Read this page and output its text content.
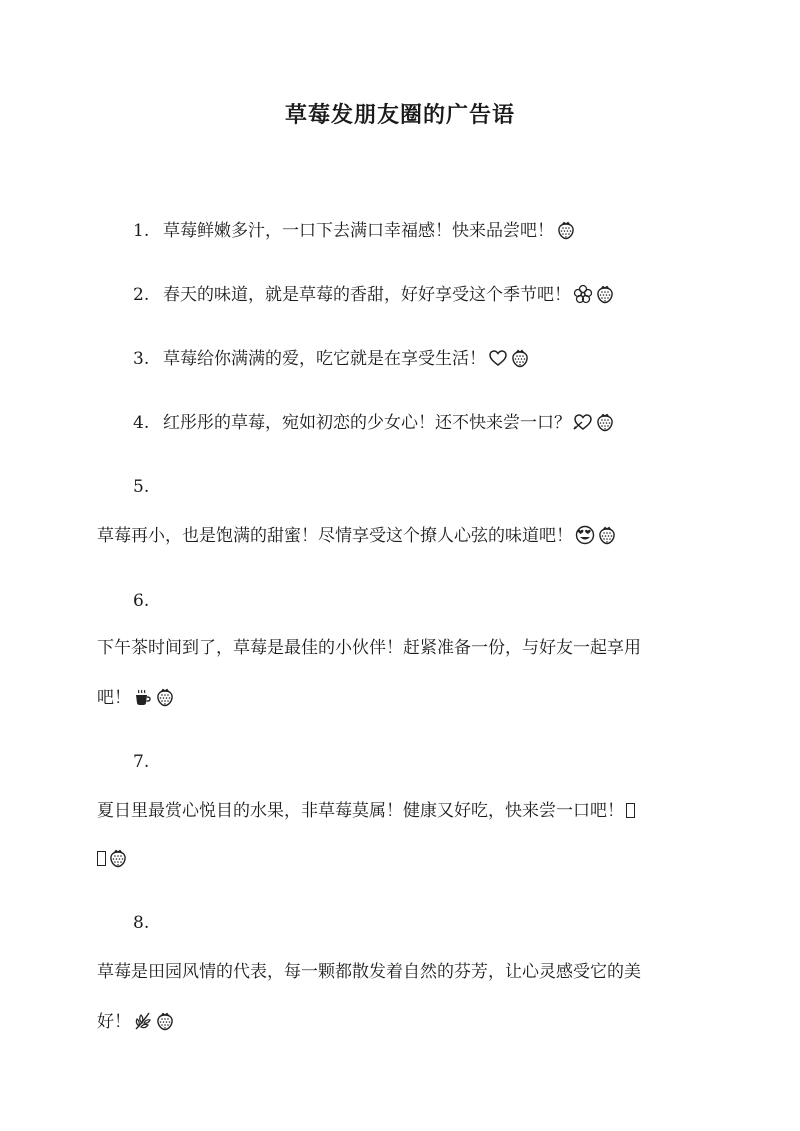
草莓发朋友圈的广告语
1. 草莓鲜嫩多汁，一口下去满口幸福感！快来品尝吧！
2. 春天的味道，就是草莓的香甜，好好享受这个季节吧！
3. 草莓给你满满的爱，吃它就是在享受生活！
4. 红彤彤的草莓，宛如初恋的少女心！还不快来尝一口？
5.
草莓再小，也是饱满的甜蜜！尽情享受这个撩人心弦的味道吧！
6.
下午茶时间到了，草莓是最佳的小伙伴！赶紧准备一份，与好友一起享用
吧！
7.
夏日里最赏心悦目的水果，非草莓莫属！健康又好吃，快来尝一口吧！
8.
草莓是田园风情的代表，每一颗都散发着自然的芬芳，让心灵感受它的美
好！
